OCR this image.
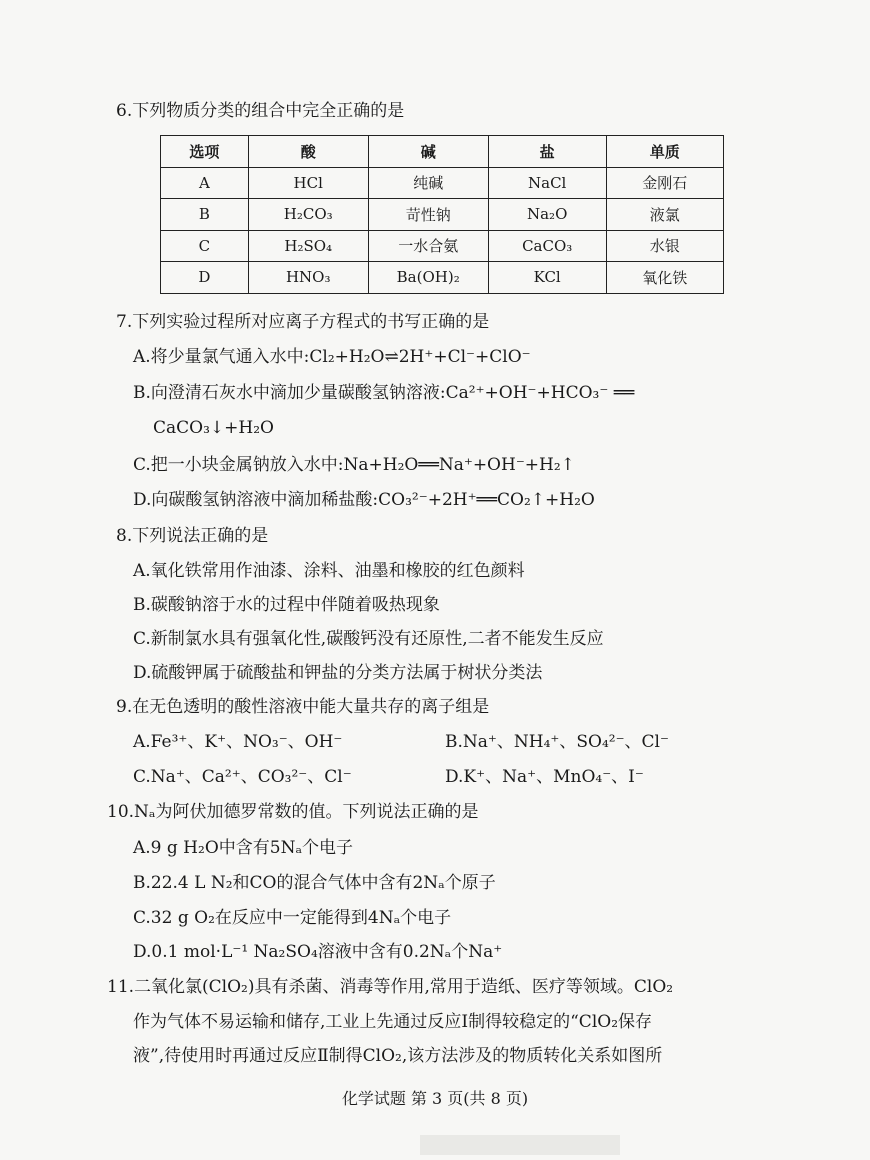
6.下列物质分类的组合中完全正确的是
选项	酸	碱	盐	单质
A	HCl	纯碱	NaCl	金刚石
B	H₂CO₃	苛性钠	Na₂O	液氯
C	H₂SO₄	一水合氨	CaCO₃	水银
D	HNO₃	Ba(OH)₂	KCl	氧化铁
7.下列实验过程所对应离子方程式的书写正确的是
A.将少量氯气通入水中:Cl₂+H₂O⇌2H⁺+Cl⁻+ClO⁻
B.向澄清石灰水中滴加少量碳酸氢钠溶液:Ca²⁺+OH⁻+HCO₃⁻ ══
CaCO₃↓+H₂O
C.把一小块金属钠放入水中:Na+H₂O══Na⁺+OH⁻+H₂↑
D.向碳酸氢钠溶液中滴加稀盐酸:CO₃²⁻+2H⁺══CO₂↑+H₂O
8.下列说法正确的是
A.氧化铁常用作油漆、涂料、油墨和橡胶的红色颜料
B.碳酸钠溶于水的过程中伴随着吸热现象
C.新制氯水具有强氧化性,碳酸钙没有还原性,二者不能发生反应
D.硫酸钾属于硫酸盐和钾盐的分类方法属于树状分类法
9.在无色透明的酸性溶液中能大量共存的离子组是
A.Fe³⁺、K⁺、NO₃⁻、OH⁻	B.Na⁺、NH₄⁺、SO₄²⁻、Cl⁻
C.Na⁺、Ca²⁺、CO₃²⁻、Cl⁻	D.K⁺、Na⁺、MnO₄⁻、I⁻
10.Nₐ为阿伏加德罗常数的值。下列说法正确的是
A.9 g H₂O中含有5Nₐ个电子
B.22.4 L N₂和CO的混合气体中含有2Nₐ个原子
C.32 g O₂在反应中一定能得到4Nₐ个电子
D.0.1 mol·L⁻¹ Na₂SO₄溶液中含有0.2Nₐ个Na⁺
11.二氧化氯(ClO₂)具有杀菌、消毒等作用,常用于造纸、医疗等领域。ClO₂
作为气体不易运输和储存,工业上先通过反应Ⅰ制得较稳定的“ClO₂保存
液”,待使用时再通过反应Ⅱ制得ClO₂,该方法涉及的物质转化关系如图所
化学试题 第 3 页(共 8 页)
